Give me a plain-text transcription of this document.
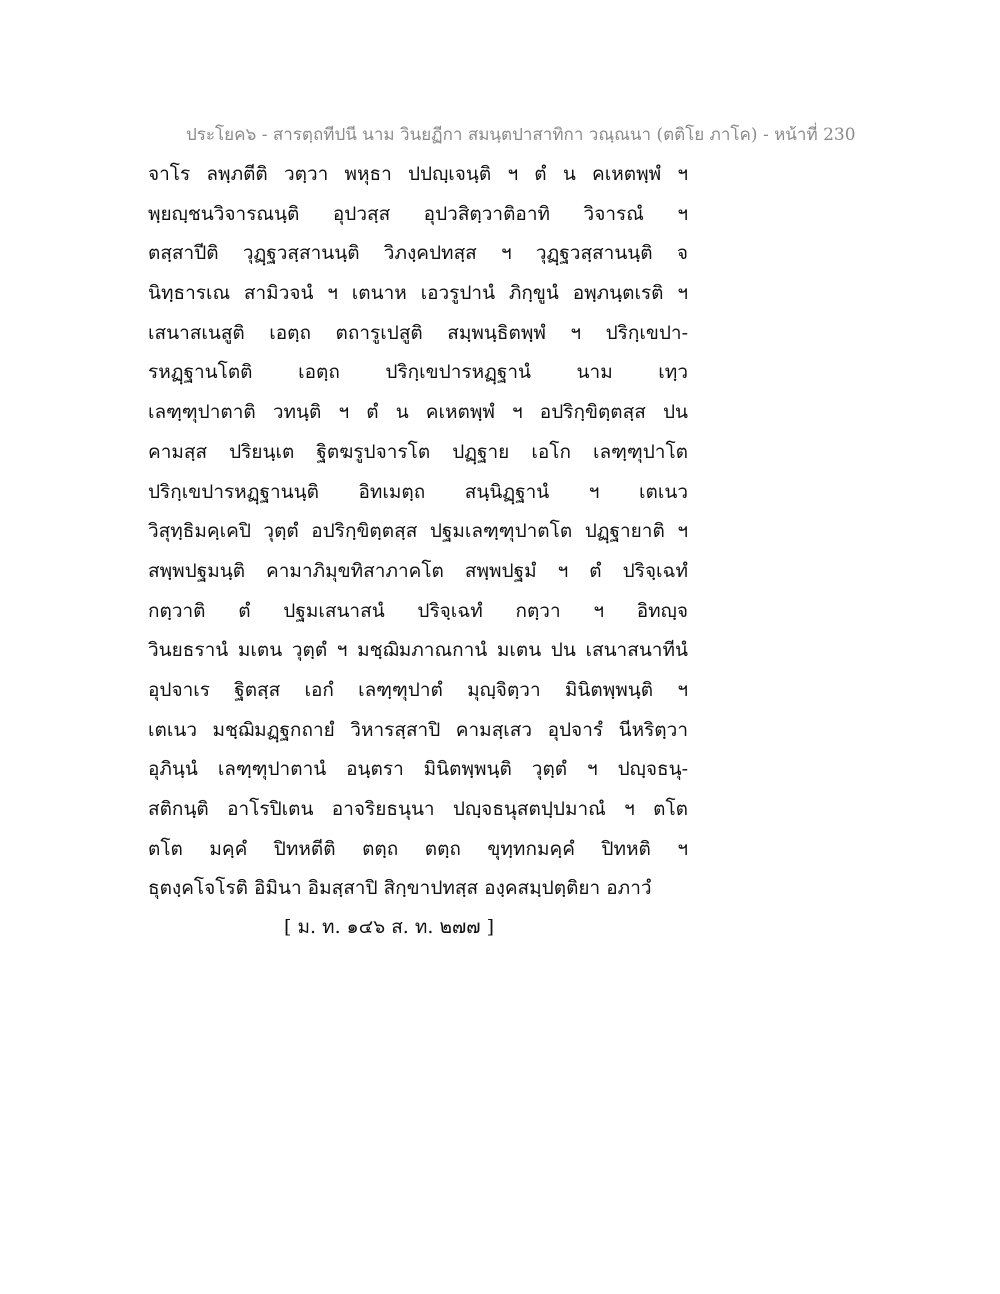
ประโยค๖ - สารตฺถทีปนี นาม วินยฏีกา สมนฺตปาสาทิกา วณฺณนา (ตติโย ภาโค) - หน้าที่ 230
จาโร ลพฺภตีติ วตฺวา พหุธา ปปญฺเจนฺติ ฯ ตํ น คเหตพฺพํ ฯ
พฺยญฺชนวิจารณนฺติ อุปวสฺส อุปวสิตฺวาติอาทิ วิจารณํ ฯ
ตสฺสาปีติ วุฏฺฐวสฺสานนฺติ วิภงฺคปทสฺส ฯ วุฏฺฐวสฺสานนฺติ จ
นิทฺธารเณ สามิวจนํ ฯ เตนาห เอวรูปานํ ภิกฺขูนํ อพฺภนฺตเรติ ฯ
เสนาสเนสูติ เอตฺถ ตถารูเปสูติ สมฺพนฺธิตพฺพํ ฯ ปริกฺเขปา-
รหฏฺฐานโตติ เอตฺถ ปริกฺเขปารหฏฺฐานํ นาม เทฺว
เลฑฺฑุปาตาติ วทนฺติ ฯ ตํ น คเหตพฺพํ ฯ อปริกฺขิตฺตสฺส ปน
คามสฺส ปริยนฺเต ฐิตฆรูปจารโต ปฏฺฐาย เอโก เลฑฺฑุปาโต
ปริกฺเขปารหฏฺฐานนฺติ อิทเมตฺถ สนฺนิฏฺฐานํ ฯ เตเนว
วิสุทฺธิมคฺเคปิ วุตฺตํ อปริกฺขิตฺตสฺส ปฐมเลฑฺฑุปาตโต ปฏฺฐายาติ ฯ
สพฺพปฐมนฺติ คามาภิมุขทิสาภาคโต สพฺพปฐมํ ฯ ตํ ปริจฺเฉทํ
กตฺวาติ ตํ ปฐมเสนาสนํ ปริจฺเฉทํ กตฺวา ฯ อิทญฺจ
วินยธรานํ มเตน วุตฺตํ ฯ มชฺฌิมภาณกานํ มเตน ปน เสนาสนาทีนํ
อุปจาเร ฐิตสฺส เอกํ เลฑฺฑุปาตํ มุญฺจิตฺวา มินิตพฺพนฺติ ฯ
เตเนว มชฺฌิมฏฺฐกถายํ วิหารสฺสาปิ คามสฺเสว อุปจารํ นีหริตฺวา
อุภินฺนํ เลฑฺฑุปาตานํ อนฺตรา มินิตพฺพนฺติ วุตฺตํ ฯ ปญฺจธนุ-
สติกนฺติ อาโรปิเตน อาจริยธนุนา ปญฺจธนุสตปฺปมาณํ ฯ ตโต
ตโต มคฺคํ ปิทหตีติ ตตฺถ ตตฺถ ขุทฺทกมคฺคํ ปิทหติ ฯ
ธุตงฺคโจโรติ อิมินา อิมสฺสาปิ สิกฺขาปทสฺส องฺคสมฺปตฺติยา อภาวํ
[ ม. ท. ๑๔๖ ส. ท. ๒๗๗ ]
